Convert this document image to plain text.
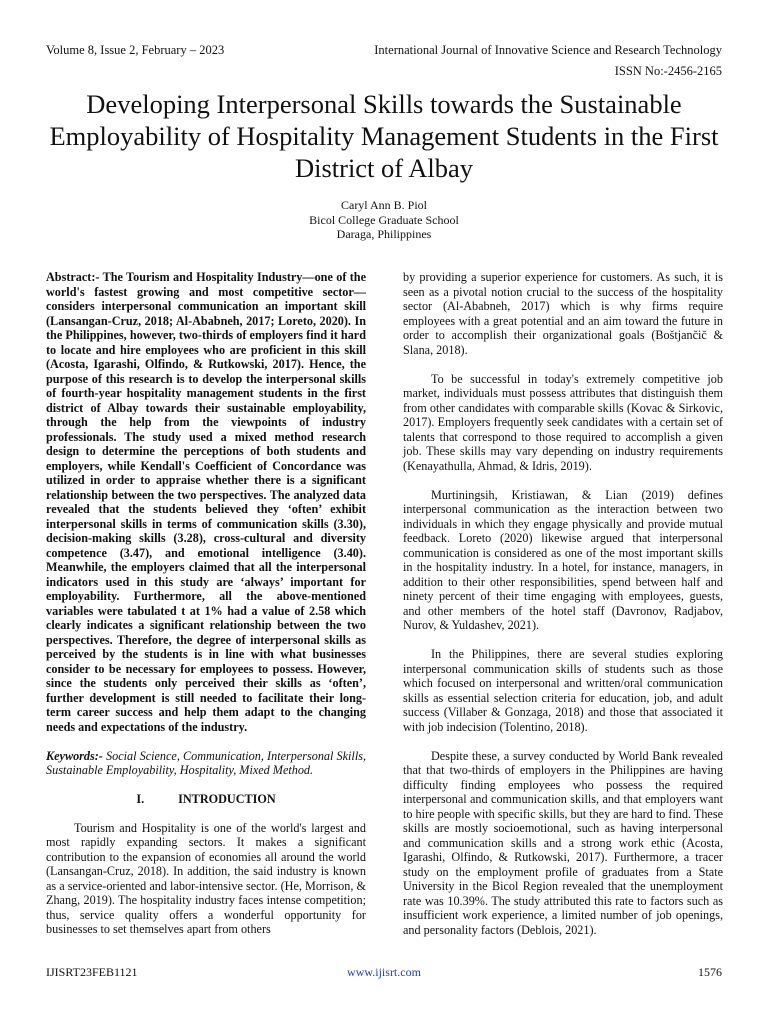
Volume 8, Issue 2, February – 2023	International Journal of Innovative Science and Research Technology
ISSN No:-2456-2165
Developing Interpersonal Skills towards the Sustainable Employability of Hospitality Management Students in the First District of Albay
Caryl Ann B. Piol
Bicol College Graduate School
Daraga, Philippines

Abstract:- The Tourism and Hospitality Industry—one of the world's fastest growing and most competitive sector—considers interpersonal communication an important skill (Lansangan-Cruz, 2018; Al-Ababneh, 2017; Loreto, 2020). In the Philippines, however, two-thirds of employers find it hard to locate and hire employees who are proficient in this skill (Acosta, Igarashi, Olfindo, & Rutkowski, 2017). Hence, the purpose of this research is to develop the interpersonal skills of fourth-year hospitality management students in the first district of Albay towards their sustainable employability, through the help from the viewpoints of industry professionals. The study used a mixed method research design to determine the perceptions of both students and employers, while Kendall's Coefficient of Concordance was utilized in order to appraise whether there is a significant relationship between the two perspectives. The analyzed data revealed that the students believed they ‘often’ exhibit interpersonal skills in terms of communication skills (3.30), decision-making skills (3.28), cross-cultural and diversity competence (3.47), and emotional intelligence (3.40). Meanwhile, the employers claimed that all the interpersonal indicators used in this study are ‘always’ important for employability. Furthermore, all the above-mentioned variables were tabulated t at 1% had a value of 2.58 which clearly indicates a significant relationship between the two perspectives. Therefore, the degree of interpersonal skills as perceived by the students is in line with what businesses consider to be necessary for employees to possess. However, since the students only perceived their skills as ‘often’, further development is still needed to facilitate their long-term career success and help them adapt to the changing needs and expectations of the industry.

Keywords:- Social Science, Communication, Interpersonal Skills, Sustainable Employability, Hospitality, Mixed Method.

I.	INTRODUCTION

Tourism and Hospitality is one of the world's largest and most rapidly expanding sectors. It makes a significant contribution to the expansion of economies all around the world (Lansangan-Cruz, 2018). In addition, the said industry is known as a service-oriented and labor-intensive sector. (He, Morrison, & Zhang, 2019). The hospitality industry faces intense competition; thus, service quality offers a wonderful opportunity for businesses to set themselves apart from others

by providing a superior experience for customers. As such, it is seen as a pivotal notion crucial to the success of the hospitality sector (Al-Ababneh, 2017) which is why firms require employees with a great potential and an aim toward the future in order to accomplish their organizational goals (Boštjančič & Slana, 2018).

To be successful in today's extremely competitive job market, individuals must possess attributes that distinguish them from other candidates with comparable skills (Kovac & Sirkovic, 2017). Employers frequently seek candidates with a certain set of talents that correspond to those required to accomplish a given job. These skills may vary depending on industry requirements (Kenayathulla, Ahmad, & Idris, 2019).

Murtiningsih, Kristiawan, & Lian (2019) defines interpersonal communication as the interaction between two individuals in which they engage physically and provide mutual feedback. Loreto (2020) likewise argued that interpersonal communication is considered as one of the most important skills in the hospitality industry. In a hotel, for instance, managers, in addition to their other responsibilities, spend between half and ninety percent of their time engaging with employees, guests, and other members of the hotel staff (Davronov, Radjabov, Nurov, & Yuldashev, 2021).

In the Philippines, there are several studies exploring interpersonal communication skills of students such as those which focused on interpersonal and written/oral communication skills as essential selection criteria for education, job, and adult success (Villaber & Gonzaga, 2018) and those that associated it with job indecision (Tolentino, 2018).

Despite these, a survey conducted by World Bank revealed that that two-thirds of employers in the Philippines are having difficulty finding employees who possess the required interpersonal and communication skills, and that employers want to hire people with specific skills, but they are hard to find. These skills are mostly socioemotional, such as having interpersonal and communication skills and a strong work ethic (Acosta, Igarashi, Olfindo, & Rutkowski, 2017). Furthermore, a tracer study on the employment profile of graduates from a State University in the Bicol Region revealed that the unemployment rate was 10.39%. The study attributed this rate to factors such as insufficient work experience, a limited number of job openings, and personality factors (Deblois, 2021).

IJISRT23FEB1121	www.ijisrt.com	1576
